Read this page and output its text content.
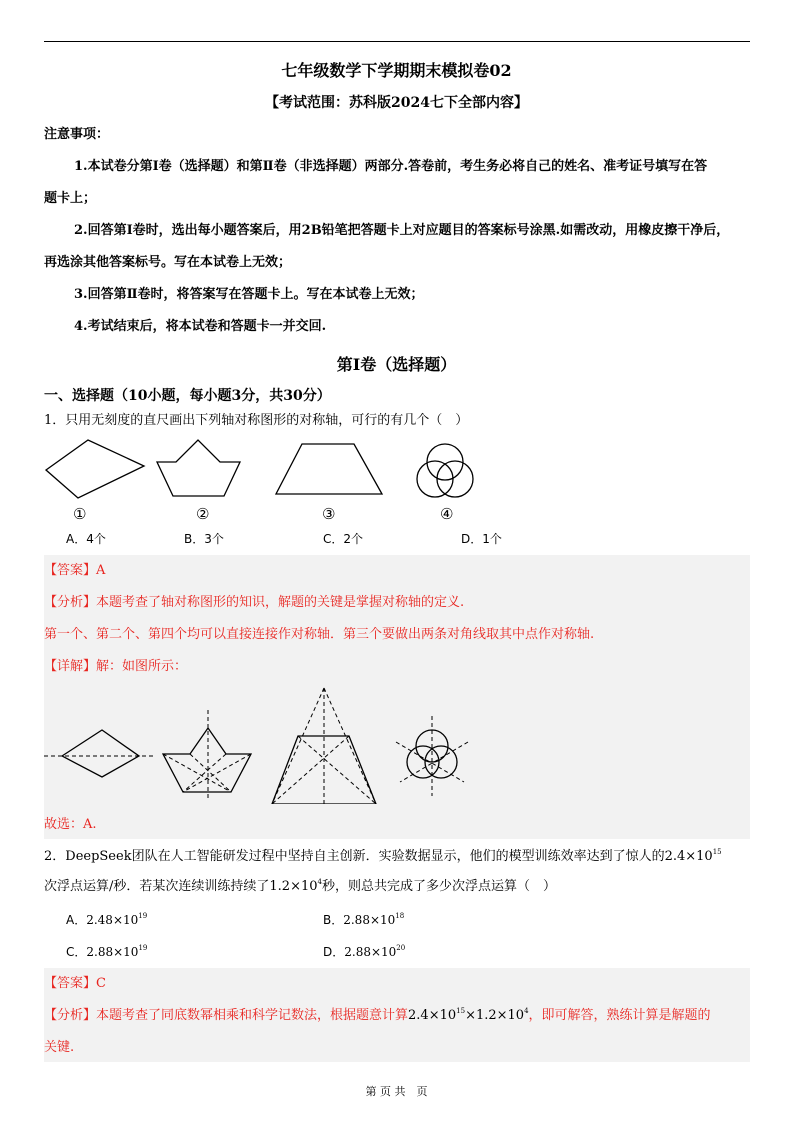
七年级数学下学期期末模拟卷02
【考试范围：苏科版2024七下全部内容】
注意事项：
1.本试卷分第Ⅰ卷（选择题）和第Ⅱ卷（非选择题）两部分.答卷前，考生务必将自己的姓名、准考证号填写在答
题卡上；
2.回答第Ⅰ卷时，选出每小题答案后，用2B铅笔把答题卡上对应题目的答案标号涂黑.如需改动，用橡皮擦干净后，
再选涂其他答案标号。写在本试卷上无效；
3.回答第Ⅱ卷时，将答案写在答题卡上。写在本试卷上无效；
4.考试结束后，将本试卷和答题卡一并交回.
第Ⅰ卷（选择题）
一、选择题（10小题，每小题3分，共30分）
1．只用无刻度的直尺画出下列轴对称图形的对称轴，可行的有几个（　）
①	②	③	④
A．4个	B．3个	C．2个	D．1个
【答案】A
【分析】本题考查了轴对称图形的知识，解题的关键是掌握对称轴的定义.
第一个、第二个、第四个均可以直接连接作对称轴．第三个要做出两条对角线取其中点作对称轴.
【详解】解：如图所示：
故选：A.
2．DeepSeek团队在人工智能研发过程中坚持自主创新．实验数据显示，他们的模型训练效率达到了惊人的$2.4\times 10^{15}$
次浮点运算/秒．若某次连续训练持续了$1.2\times 10^4$秒，则总共完成了多少次浮点运算（　）
A．$2.48\times 10^{19}$	B．$2.88\times 10^{18}$
C．$2.88\times 10^{19}$	D．$2.88\times 10^{20}$
【答案】C
【分析】本题考查了同底数幂相乘和科学记数法，根据题意计算$2.4\times 10^{15}\times 1.2\times 10^4$，即可解答，熟练计算是解题的
关键.
第 页 共　页
